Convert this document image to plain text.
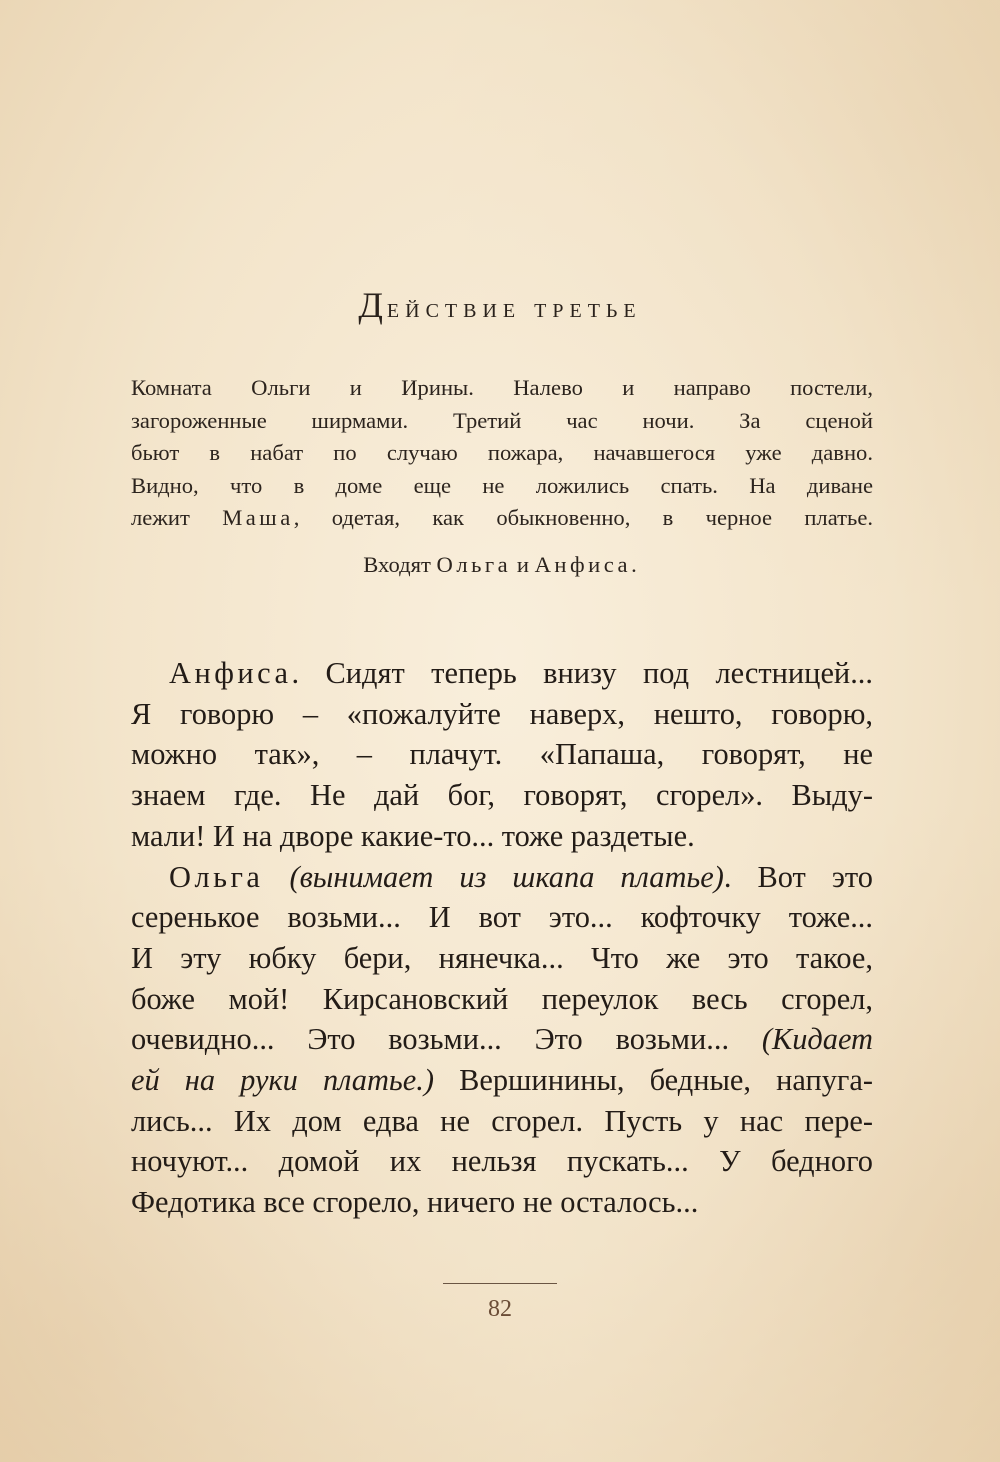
Действие третье
Комната Ольги и Ирины. Налево и направо постели,
загороженные ширмами. Третий час ночи. За сценой
бьют в набат по случаю пожара, начавшегося уже давно.
Видно, что в доме еще не ложились спать. На диване
лежит Маша, одетая, как обыкновенно, в черное платье.
Входят Ольга и Анфиса.
Анфиса. Сидят теперь внизу под лестницей...
Я говорю – «пожалуйте наверх, нешто, говорю,
можно так», – плачут. «Папаша, говорят, не
знаем где. Не дай бог, говорят, сгорел». Выду-
мали! И на дворе какие-то... тоже раздетые.
Ольга (вынимает из шкапа платье). Вот это
серенькое возьми... И вот это... кофточку тоже...
И эту юбку бери, нянечка... Что же это такое,
боже мой! Кирсановский переулок весь сгорел,
очевидно... Это возьми... Это возьми... (Кидает
ей на руки платье.) Вершинины, бедные, напуга-
лись... Их дом едва не сгорел. Пусть у нас пере-
ночуют... домой их нельзя пускать... У бедного
Федотика все сгорело, ничего не осталось...
82
